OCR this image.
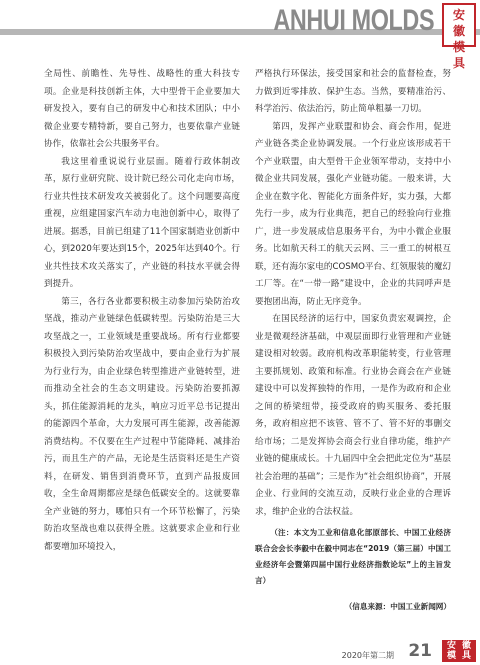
ANHUI MOLDS 安
徽
模
具

全局性、前瞻性、先导性、战略性的重大科技专项。企业是科技创新主体，大中型骨干企业要加大研发投入，要有自己的研发中心和技术团队；中小微企业要专精特新，要自己努力，也要依靠产业链协作，依靠社会公共服务平台。

我这里着重说说行业层面。随着行政体制改革，原行业研究院、设计院已经公司化走向市场，行业共性技术研发攻关被弱化了。这个问题要高度重视，应组建国家汽车动力电池创新中心，取得了进展。据悉，目前已组建了11个国家制造业创新中心，到2020年要达到15个，2025年达到40个。行业共性技术攻关落实了，产业链的科技水平就会得到提升。

第三，各行各业都要积极主动参加污染防治攻坚战，推动产业链绿色低碳转型。污染防治是三大攻坚战之一，工业领域是重要战场。所有行业都要积极投入到污染防治攻坚战中，要由企业行为扩展为行业行为，由企业绿色转型推进产业链转型，进而推动全社会的生态文明建设。污染防治要抓源头，抓住能源消耗的龙头，响应习近平总书记提出的能源四个革命，大力发展可再生能源，改善能源消费结构。不仅要在生产过程中节能降耗、减排治污，而且生产的产品，无论是生活资料还是生产资料，在研发、销售到消费环节，直到产品报废回收，全生命周期都应是绿色低碳安全的。这就要靠全产业链的努力，哪怕只有一个环节松懈了，污染防治攻坚战也难以获得全胜。这就要求企业和行业都要增加环境投入，

严格执行环保法，接受国家和社会的监督检查，努力做到近零排放、保护生态。当然，要精准治污、科学治污、依法治污，防止简单粗暴一刀切。

第四，发挥产业联盟和协会、商会作用，促进产业链各类企业协调发展。一个行业应该形成若干个产业联盟，由大型骨干企业领军带动，支持中小微企业共同发展，强化产业链功能。一般来讲，大企业在数字化、智能化方面条件好，实力强，大都先行一步，成为行业典范，把自己的经验向行业推广，进一步发展成信息服务平台，为中小微企业服务。比如航天科工的航天云网、三一重工的树根互联，还有海尔家电的COSMO平台、红领服装的魔幻工厂等。在“一带一路”建设中，企业的共同呼声是要抱团出海，防止无序竞争。

在国民经济的运行中，国家负责宏观调控，企业是微观经济基础，中观层面即行业管理和产业链建设相对较弱。政府机构改革职能转变，行业管理主要抓规划、政策和标准。行业协会商会在产业链建设中可以发挥独特的作用，一是作为政府和企业之间的桥梁纽带，接受政府的购买服务、委托服务，政府相应把不该管、管不了、管不好的事删交给市场；二是发挥协会商会行业自律功能，维护产业链的健康成长。十九届四中全会把此定位为“基层社会治理的基础”；三是作为“社会组织协商”，开展企业、行业间的交流互动，反映行业企业的合理诉求，维护企业的合法权益。

（注：本文为工业和信息化部原部长、中国工业经济联合会会长李毅中在毅中同志在“2019（第三届）中国工业经济年会暨第四届中国行业经济指数论坛”上的主旨发言）

（信息来源：中国工业新闻网）

2020年第二期 21	安 徽
模 具
